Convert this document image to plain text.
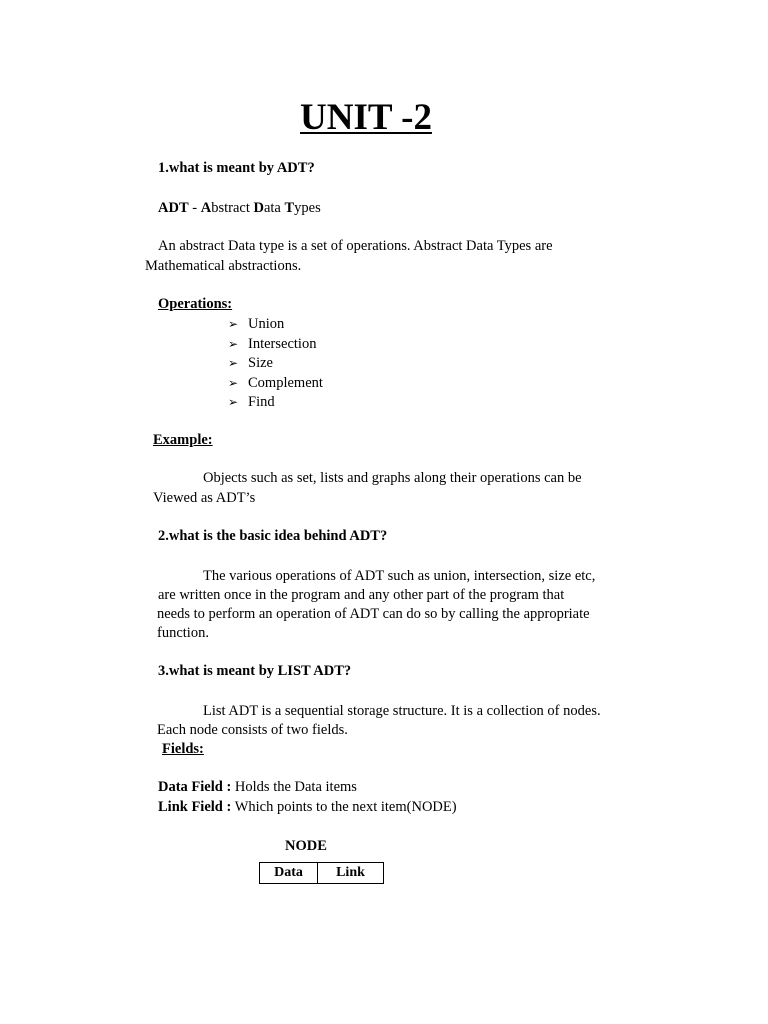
UNIT -2
1.what is meant by ADT?
ADT - Abstract Data Types
An abstract Data type is a set of operations. Abstract Data Types are
Mathematical abstractions.
Operations:
➢ Union
➢ Intersection
➢ Size
➢ Complement
➢ Find
Example:
Objects such as set, lists and graphs along their operations can be
Viewed as ADT’s
2.what is the basic idea behind ADT?
The various operations of ADT such as union, intersection, size etc,
are written once in the program and any other part of the program that
needs to perform an operation of ADT can do so by calling the appropriate
function.
3.what is meant by LIST ADT?
List ADT is a sequential storage structure. It is a collection of nodes.
Each node consists of two fields.
Fields:
Data Field : Holds the Data items
Link Field : Which points to the next item(NODE)
NODE
Data	Link
